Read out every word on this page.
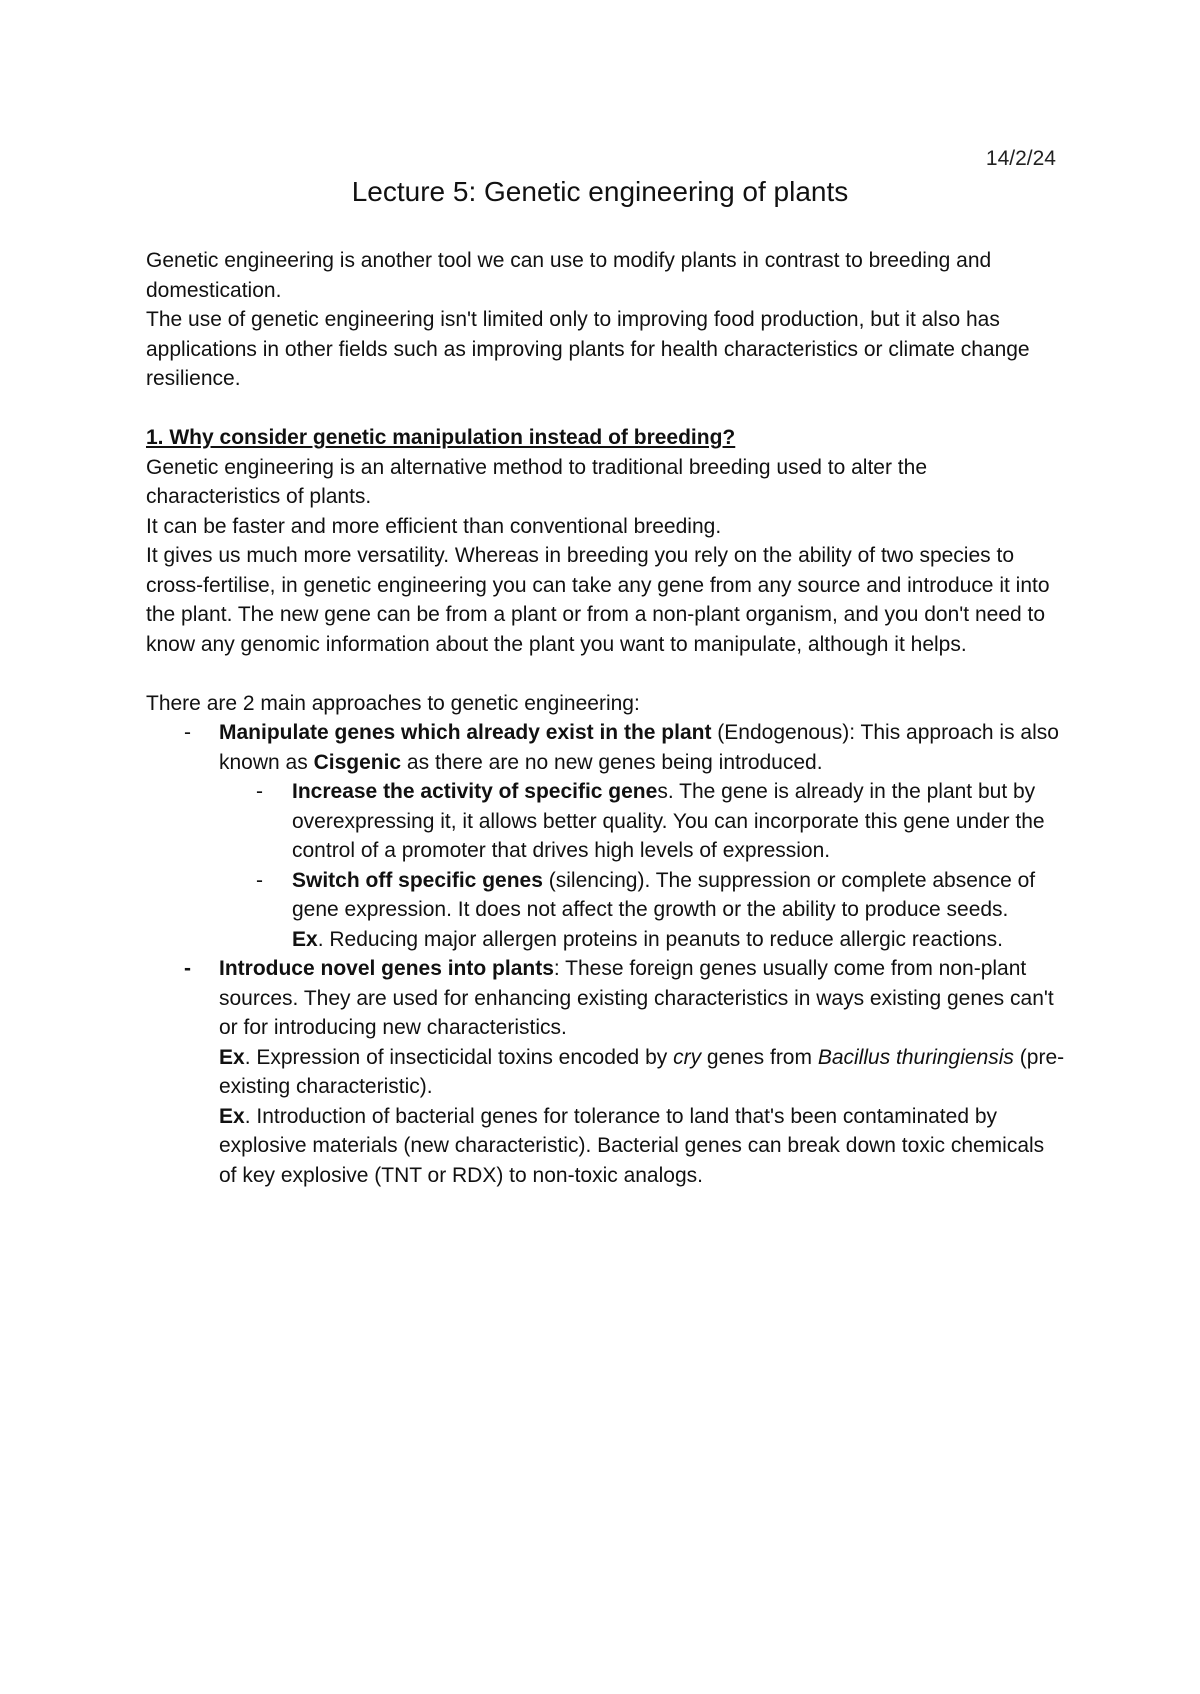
14/2/24
Lecture 5: Genetic engineering of plants

Genetic engineering is another tool we can use to modify plants in contrast to breeding and domestication.

The use of genetic engineering isn't limited only to improving food production, but it also has applications in other fields such as improving plants for health characteristics or climate change resilience.

1. Why consider genetic manipulation instead of breeding?

Genetic engineering is an alternative method to traditional breeding used to alter the characteristics of plants.

It can be faster and more efficient than conventional breeding.

It gives us much more versatility. Whereas in breeding you rely on the ability of two species to cross-fertilise, in genetic engineering you can take any gene from any source and introduce it into the plant. The new gene can be from a plant or from a non-plant organism, and you don't need to know any genomic information about the plant you want to manipulate, although it helps.

There are 2 main approaches to genetic engineering:

- Manipulate genes which already exist in the plant (Endogenous): This approach is also known as Cisgenic as there are no new genes being introduced.
- Increase the activity of specific genes. The gene is already in the plant but by overexpressing it, it allows better quality. You can incorporate this gene under the control of a promoter that drives high levels of expression.
- Switch off specific genes (silencing). The suppression or complete absence of gene expression. It does not affect the growth or the ability to produce seeds.

Ex. Reducing major allergen proteins in peanuts to reduce allergic reactions.

- Introduce novel genes into plants: These foreign genes usually come from non-plant sources. They are used for enhancing existing characteristics in ways existing genes can't or for introducing new characteristics.

Ex. Expression of insecticidal toxins encoded by cry genes from Bacillus thuringiensis (pre-existing characteristic).

Ex. Introduction of bacterial genes for tolerance to land that's been contaminated by explosive materials (new characteristic). Bacterial genes can break down toxic chemicals of key explosive (TNT or RDX) to non-toxic analogs.
